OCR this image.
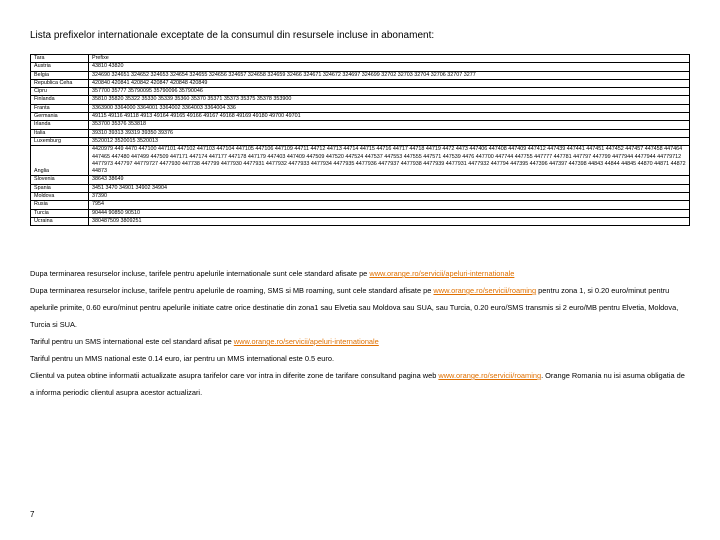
Lista prefixelor internationale exceptate de la consumul din resursele incluse in abonament:
Tara	Prefixe
Austria	43810 43820
Belgia	324690 324651 324652 324653 324654 324655 324656 324657 324658 324659 32466 324671 324672 324697 324699 32702 32703 32704 32706 32707 3277
Republica Ceha	420840 420841 420842 420847 420848 420849
Cipru	357700 35777 35790095 35790096 35790046
Finlanda	35810 35820 35322 35330 35339 35360 35370 35371 35373 35375 35378 353900
Franta	3363900 3364000 3364001 3364002 3364003 3364004 336
Germania	49115 49116 49118 4913 49164 49165 49166 49167 49168 49169 49180 49700 49701
Irlanda	353700 35376 353818
Italia	39310 39313 39319 39350 39376
Luxemburg	3520012 3520015 3520013
Anglia	4420979 449 4470 447100 447101 447102 447103 447104 447105 447106 447109 44711 44712 44713 44714 44715 44716 44717 44718 44719 4472 4473 447406 447408 447409 447412 447439 447441 447451 447452 447457 447458 447464 447465 447480 447499 447509 447171 447174 447177 447178 447179 447403 447409 447509 447520 447524 447537 447553 447555 447571 447539 4476 447700 447744 447755 447777 447781 447797 447799 4477944 4477944 44779712 4477973 447797 44779727 4477930 447738 447799 4477930 4477931 4477932 4477933 4477934 4477935 4477936 4477937 4477938 4477939 4477931 4477932 447794 447395 447396 447397 447398 44843 44844 44845 44870 44871 44872 44873
Slovenia	38643 38649
Spania	3451 3470 34901 34902 34904
Moldova	37390
Rusia	7954
Turcia	90444 90850 90510
Ucraina	380487509 3809251

Dupa terminarea resurselor incluse, tarifele pentru apelurile internationale sunt cele standard afisate pe www.orange.ro/servicii/apeluri-internationale

Dupa terminarea resurselor incluse, tarifele pentru apelurile de roaming, SMS si MB roaming, sunt cele standard afisate pe www.orange.ro/servicii/roaming pentru zona 1, si 0.20 euro/minut pentru apelurile primite, 0.60 euro/minut pentru apelurile initiate catre orice destinatie din zona1 sau Elvetia sau Moldova sau SUA, sau Turcia, 0.20 euro/SMS transmis si 2 euro/MB pentru Elvetia, Moldova, Turcia si SUA.

Tariful pentru un SMS international este cel standard afisat pe www.orange.ro/servicii/apeluri-internationale

Tariful pentru un MMS national este 0.14 euro, iar pentru un MMS international este 0.5 euro.

Clientul va putea obtine informatii actualizate asupra tarifelor care vor intra in diferite zone de tarifare consultand pagina web www.orange.ro/servicii/roaming. Orange Romania nu isi asuma obligatia de a informa periodic clientul asupra acestor actualizari.

7
